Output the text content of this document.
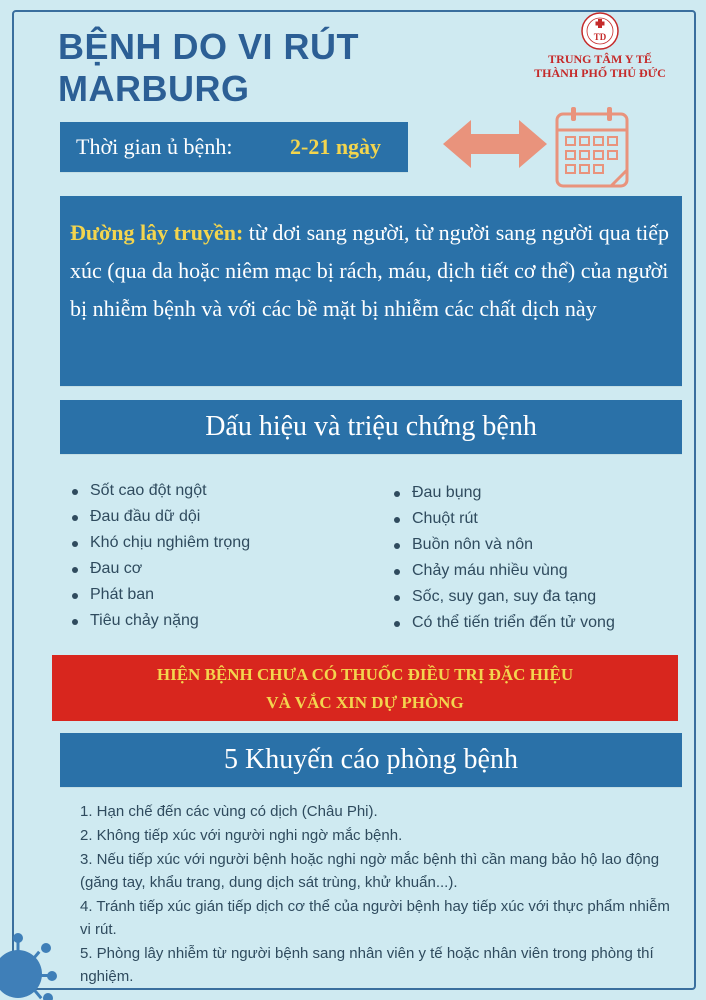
BỆNH DO VI RÚT
MARBURG
TD
TRUNG TÂM Y TẾ
THÀNH PHỐ THỦ ĐỨC
Thời gian ủ bệnh:	2-21 ngày

Đường lây truyền: từ dơi sang người, từ người sang người qua tiếp xúc (qua da hoặc niêm mạc bị rách, máu, dịch tiết cơ thể) của người bị nhiễm bệnh và với các bề mặt bị nhiễm các chất dịch này

Dấu hiệu và triệu chứng bệnh
Sốt cao đột ngột
Đau đầu dữ dội
Khó chịu nghiêm trọng
Đau cơ
Phát ban
Tiêu chảy nặng
Đau bụng
Chuột rút
Buồn nôn và nôn
Chảy máu nhiều vùng
Sốc, suy gan, suy đa tạng
Có thể tiến triển đến tử vong
HIỆN BỆNH CHƯA CÓ THUỐC ĐIỀU TRỊ ĐẶC HIỆU
VÀ VẮC XIN DỰ PHÒNG
5 Khuyến cáo phòng bệnh
1. Hạn chế đến các vùng có dịch (Châu Phi).
2. Không tiếp xúc với người nghi ngờ mắc bệnh.
3. Nếu tiếp xúc với người bệnh hoặc nghi ngờ mắc bệnh thì cần mang bảo hộ lao động (găng tay, khẩu trang, dung dịch sát trùng, khử khuẩn...).
4. Tránh tiếp xúc gián tiếp dịch cơ thể của người bệnh hay tiếp xúc với thực phẩm nhiễm vi rút.
5. Phòng lây nhiễm từ người bệnh sang nhân viên y tế hoặc nhân viên trong phòng thí nghiệm.
